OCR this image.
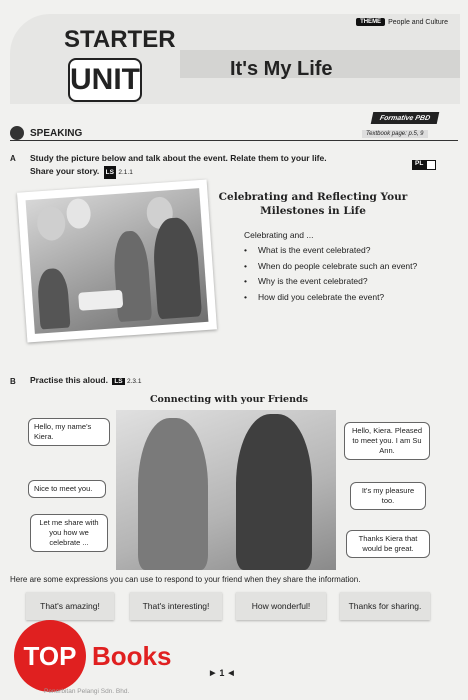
THEME	People and Culture
STARTER
UNIT	It's My Life
Formative PBD
SPEAKING	Textbook page: p.5, 9
A Study the picture below and talk about the event. Relate them to your life.
Share your story. LS 2.1.1
PL
Celebrating and Reflecting Your Milestones in Life
Celebrating and ...
• What is the event celebrated?
• When do people celebrate such an event?
• Why is the event celebrated?
• How did you celebrate the event?
B Practise this aloud. LS 2.3.1
Connecting with your Friends
Hello, my name's Kiera.
Nice to meet you.
Let me share with you how we celebrate ...
Hello, Kiera. Pleased to meet you. I am Su Ann.
It's my pleasure too.
Thanks Kiera that would be great.
Here are some expressions you can use to respond to your friend when they share the information.
That's amazing!	That's interesting!	How wonderful!	Thanks for sharing.
TOP Books
Penerbitan Pelangi Sdn. Bhd.
▶ 1 ◀
